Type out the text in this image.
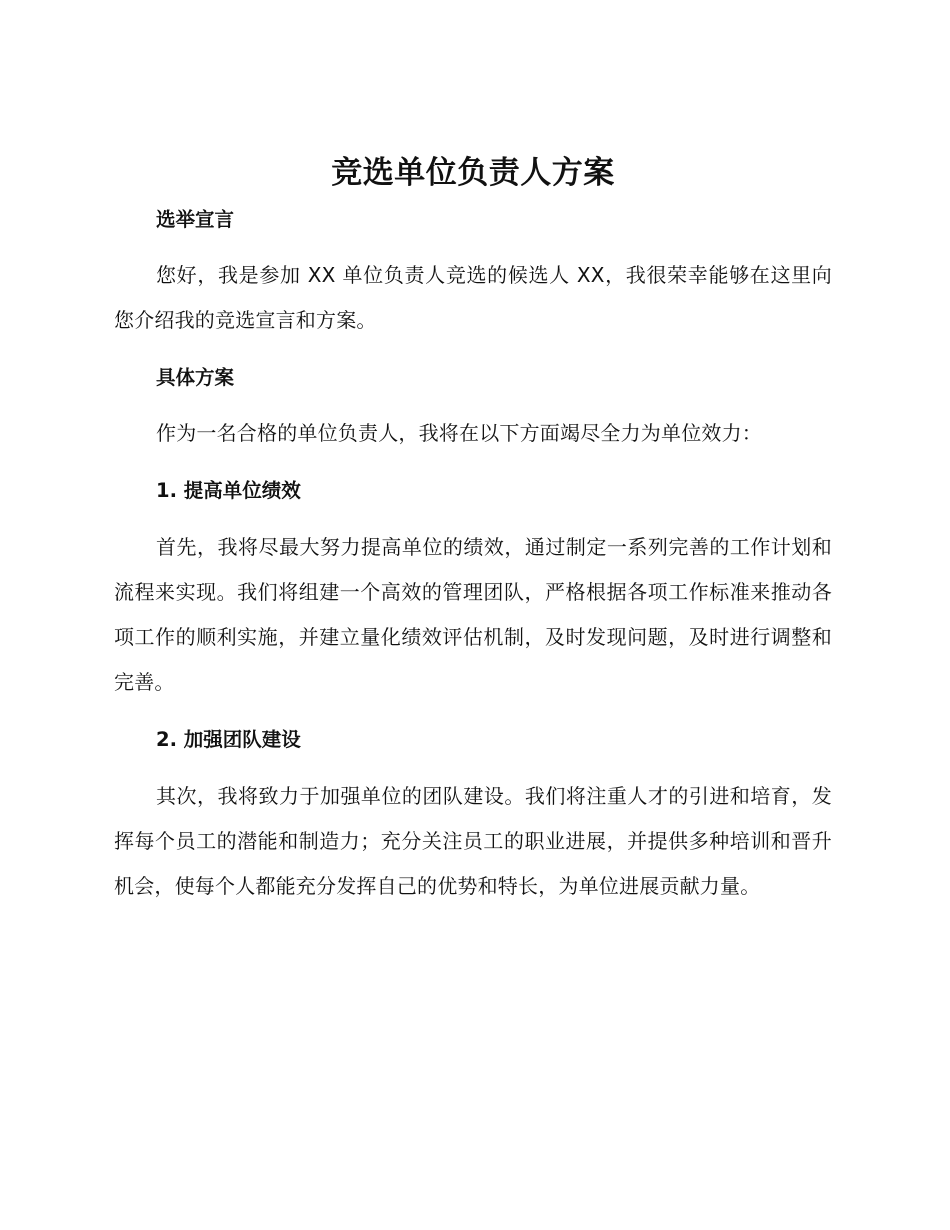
竞选单位负责人方案
选举宣言

您好，我是参加 XX 单位负责人竞选的候选人 XX，我很荣幸能够在这里向您介绍我的竞选宣言和方案。

具体方案

作为一名合格的单位负责人，我将在以下方面竭尽全力为单位效力：

1. 提高单位绩效

首先，我将尽最大努力提高单位的绩效，通过制定一系列完善的工作计划和流程来实现。我们将组建一个高效的管理团队，严格根据各项工作标准来推动各项工作的顺利实施，并建立量化绩效评估机制，及时发现问题，及时进行调整和完善。

2. 加强团队建设

其次，我将致力于加强单位的团队建设。我们将注重人才的引进和培育，发挥每个员工的潜能和制造力；充分关注员工的职业进展，并提供多种培训和晋升机会，使每个人都能充分发挥自己的优势和特长，为单位进展贡献力量。
